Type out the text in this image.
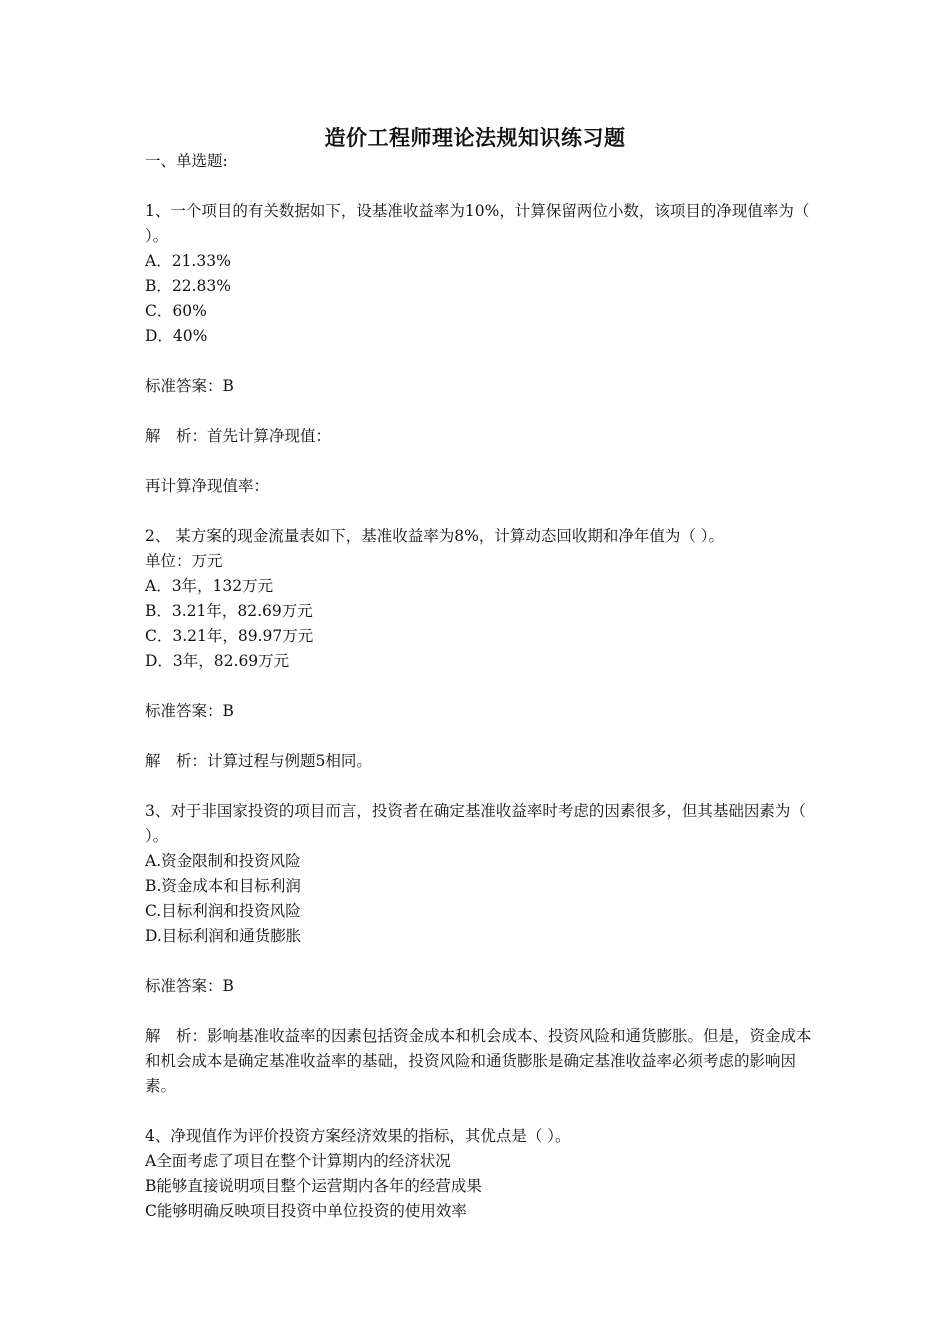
造价工程师理论法规知识练习题
一、单选题:
1、一个项目的有关数据如下，设基准收益率为10%，计算保留两位小数，该项目的净现值率为（ ）。
A．21.33%
B．22.83%
C．60%
D．40%
标准答案：B
解　析：首先计算净现值：
再计算净现值率：
2、 某方案的现金流量表如下，基准收益率为8%，计算动态回收期和净年值为（ ）。
单位：万元
A．3年，132万元
B．3.21年，82.69万元
C．3.21年，89.97万元
D．3年，82.69万元
标准答案：B
解　析：计算过程与例题5相同。
3、对于非国家投资的项目而言，投资者在确定基准收益率时考虑的因素很多，但其基础因素为（ ）。
A.资金限制和投资风险
B.资金成本和目标利润
C.目标利润和投资风险
D.目标利润和通货膨胀
标准答案：B
解　析：影响基准收益率的因素包括资金成本和机会成本、投资风险和通货膨胀。但是，资金成本和机会成本是确定基准收益率的基础，投资风险和通货膨胀是确定基准收益率必须考虑的影响因素。
4、净现值作为评价投资方案经济效果的指标，其优点是（ ）。
A全面考虑了项目在整个计算期内的经济状况
B能够直接说明项目整个运营期内各年的经营成果
C能够明确反映项目投资中单位投资的使用效率
